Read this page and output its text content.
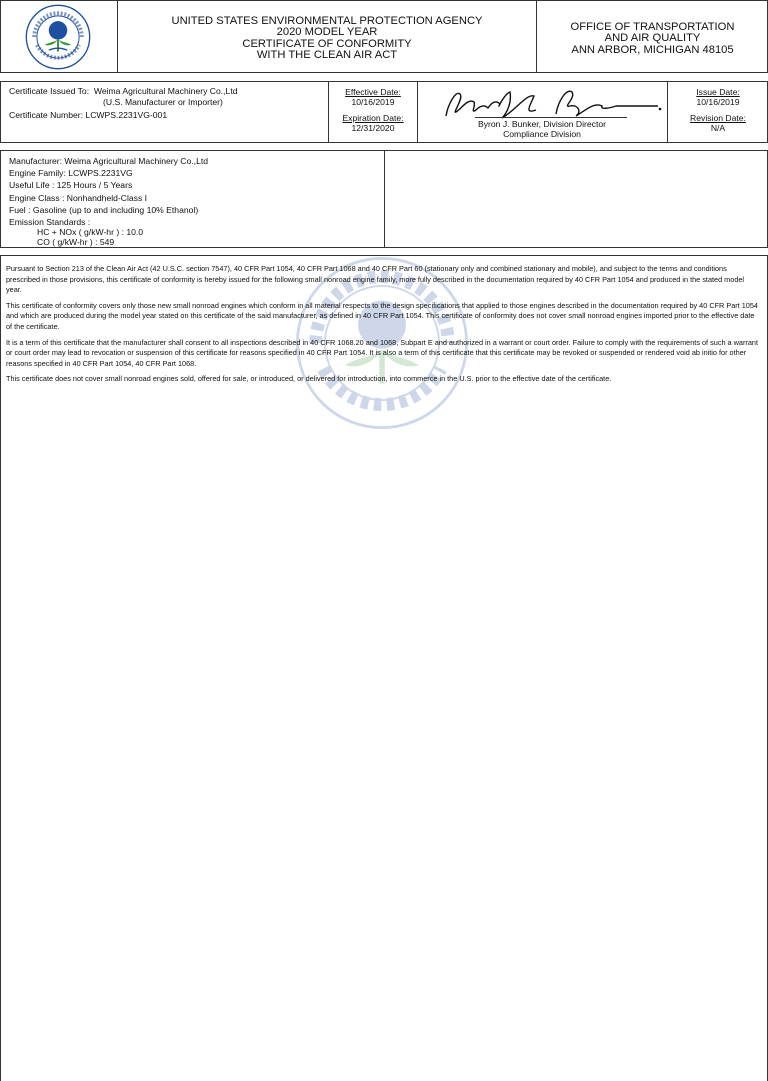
UNITED STATES ENVIRONMENTAL PROTECTION AGENCY
2020 MODEL YEAR
CERTIFICATE OF CONFORMITY
WITH THE CLEAN AIR ACT
OFFICE OF TRANSPORTATION
AND AIR QUALITY
ANN ARBOR, MICHIGAN 48105
Certificate Issued To: Weima Agricultural Machinery Co.,Ltd
(U.S. Manufacturer or Importer)
Certificate Number: LCWPS.2231VG-001
Effective Date:
10/16/2019
Expiration Date:
12/31/2020	Byron J. Bunker, Division Director
Compliance Division
Issue Date:
10/16/2019
Revision Date:
N/A
Manufacturer: Weima Agricultural Machinery Co.,Ltd
Engine Family: LCWPS.2231VG
Useful Life : 125 Hours / 5 Years
Engine Class : Nonhandheld-Class I
Fuel : Gasoline (up to and including 10% Ethanol)
Emission Standards :
HC + NOx ( g/kW-hr ) : 10.0
CO ( g/kW-hr ) : 549

Pursuant to Section 213 of the Clean Air Act (42 U.S.C. section 7547), 40 CFR Part 1054, 40 CFR Part 1068 and 40 CFR Part 60 (stationary only and combined stationary and mobile), and subject to the terms and conditions prescribed in those provisions, this certificate of conformity is hereby issued for the following small nonroad engine family, more fully described in the documentation required by 40 CFR Part 1054 and produced in the stated model year.

This certificate of conformity covers only those new small nonroad engines which conform in all material respects to the design specifications that applied to those engines described in the documentation required by 40 CFR Part 1054 and which are produced during the model year stated on this certificate of the said manufacturer, as defined in 40 CFR Part 1054. This certificate of conformity does not cover small nonroad engines imported prior to the effective date of the certificate.

It is a term of this certificate that the manufacturer shall consent to all inspections described in 40 CFR 1068.20 and 1068, Subpart E and authorized in a warrant or court order. Failure to comply with the requirements of such a warrant or court order may lead to revocation or suspension of this certificate for reasons specified in 40 CFR Part 1054. It is also a term of this certificate that this certificate may be revoked or suspended or rendered void ab initio for other reasons specified in 40 CFR Part 1054, 40 CFR Part 1068.

This certificate does not cover small nonroad engines sold, offered for sale, or introduced, or delivered for introduction, into commerce in the U.S. prior to the effective date of the certificate.
